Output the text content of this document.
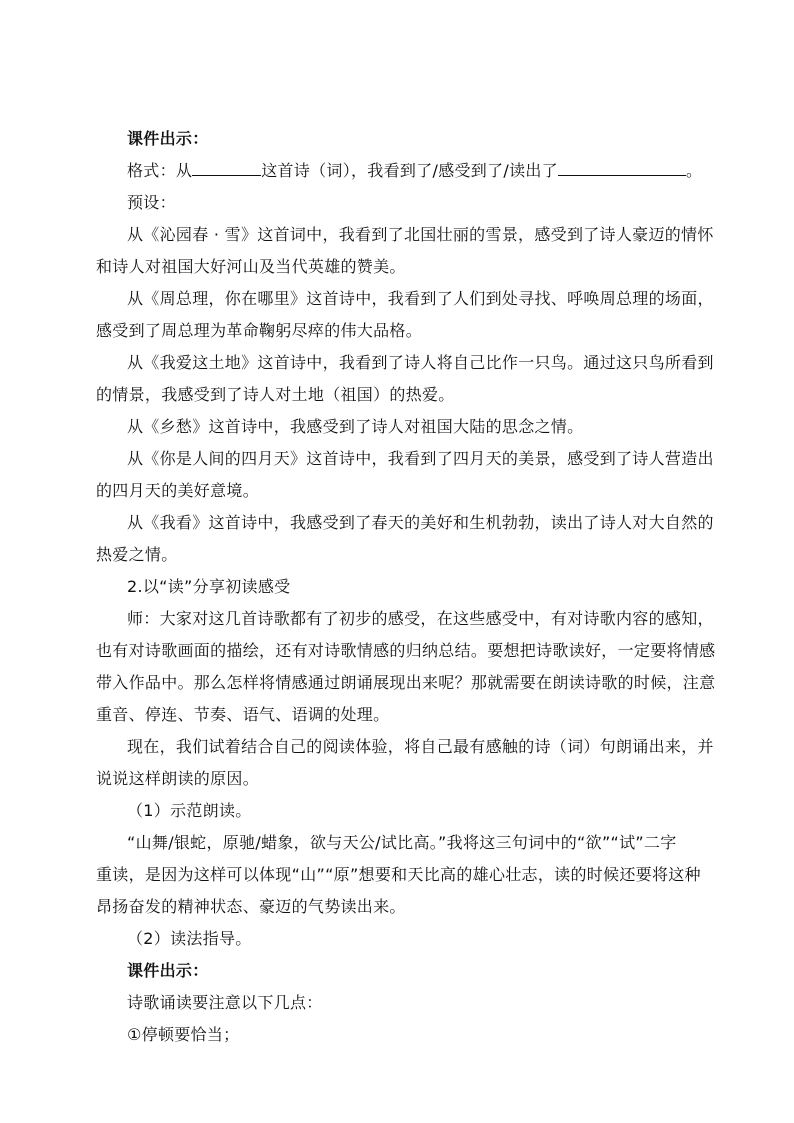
课件出示：

格式：从	这首诗（词），我看到了/感受到了/读出了	。

预设：

从《沁园春 · 雪》这首词中，我看到了北国壮丽的雪景，感受到了诗人豪迈的情怀

和诗人对祖国大好河山及当代英雄的赞美。

从《周总理，你在哪里》这首诗中，我看到了人们到处寻找、呼唤周总理的场面，

感受到了周总理为革命鞠躬尽瘁的伟大品格。

从《我爱这土地》这首诗中，我看到了诗人将自己比作一只鸟。通过这只鸟所看到

的情景，我感受到了诗人对土地（祖国）的热爱。

从《乡愁》这首诗中，我感受到了诗人对祖国大陆的思念之情。

从《你是人间的四月天》这首诗中，我看到了四月天的美景，感受到了诗人营造出

的四月天的美好意境。

从《我看》这首诗中，我感受到了春天的美好和生机勃勃，读出了诗人对大自然的

热爱之情。

2.以“读”分享初读感受

师：大家对这几首诗歌都有了初步的感受，在这些感受中，有对诗歌内容的感知，

也有对诗歌画面的描绘，还有对诗歌情感的归纳总结。要想把诗歌读好，一定要将情感

带入作品中。那么怎样将情感通过朗诵展现出来呢？那就需要在朗读诗歌的时候，注意

重音、停连、节奏、语气、语调的处理。

现在，我们试着结合自己的阅读体验，将自己最有感触的诗（词）句朗诵出来，并

说说这样朗读的原因。

（1）示范朗读。

“山舞/银蛇，原驰/蜡象，欲与天公/试比高。”我将这三句词中的“欲”“试”二字

重读，是因为这样可以体现“山”“原”想要和天比高的雄心壮志，读的时候还要将这种

昂扬奋发的精神状态、豪迈的气势读出来。

（2）读法指导。

课件出示：

诗歌诵读要注意以下几点：

①停顿要恰当；
